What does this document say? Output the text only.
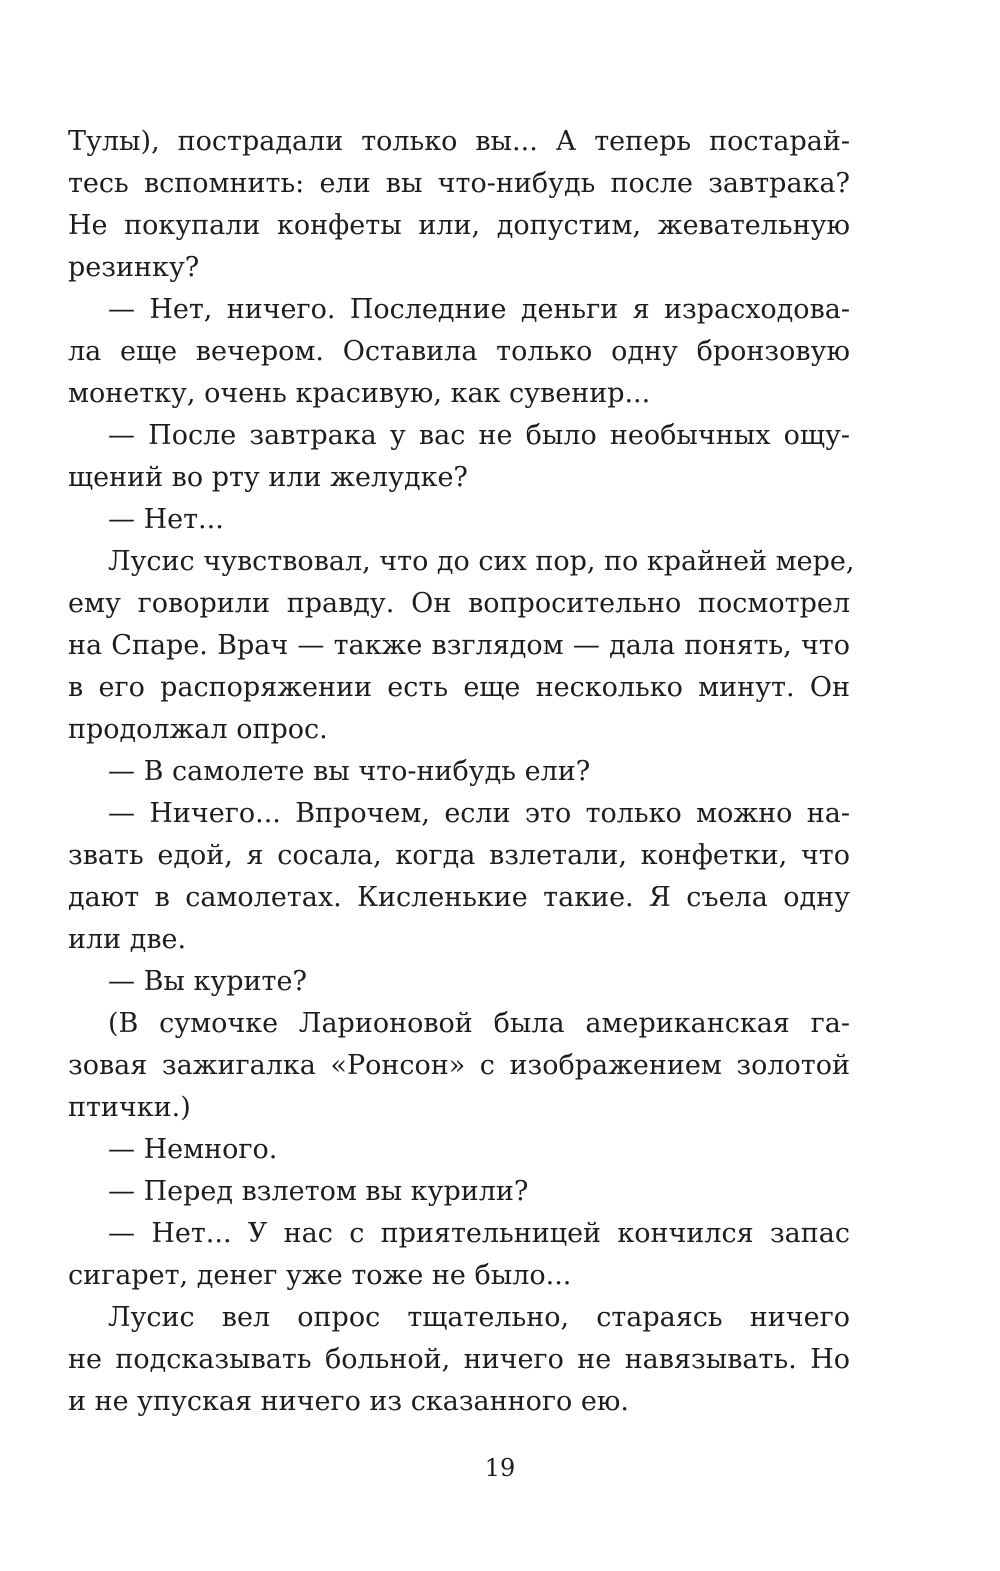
Тулы), пострадали только вы... А теперь постарай-
тесь вспомнить: ели вы что-нибудь после завтрака?
Не покупали конфеты или, допустим, жевательную
резинку?
— Нет, ничего. Последние деньги я израсходова-
ла еще вечером. Оставила только одну бронзовую
монетку, очень красивую, как сувенир...
— После завтрака у вас не было необычных ощу-
щений во рту или желудке?
— Нет...
Лусис чувствовал, что до сих пор, по крайней мере,
ему говорили правду. Он вопросительно посмотрел
на Спаре. Врач — также взглядом — дала понять, что
в его распоряжении есть еще несколько минут. Он
продолжал опрос.
— В самолете вы что-нибудь ели?
— Ничего... Впрочем, если это только можно на-
звать едой, я сосала, когда взлетали, конфетки, что
дают в самолетах. Кисленькие такие. Я съела одну
или две.
— Вы курите?
(В сумочке Ларионовой была американская га-
зовая зажигалка «Ронсон» с изображением золотой
птички.)
— Немного.
— Перед взлетом вы курили?
— Нет... У нас с приятельницей кончился запас
сигарет, денег уже тоже не было...
Лусис вел опрос тщательно, стараясь ничего
не подсказывать больной, ничего не навязывать. Но
и не упуская ничего из сказанного ею.
19
